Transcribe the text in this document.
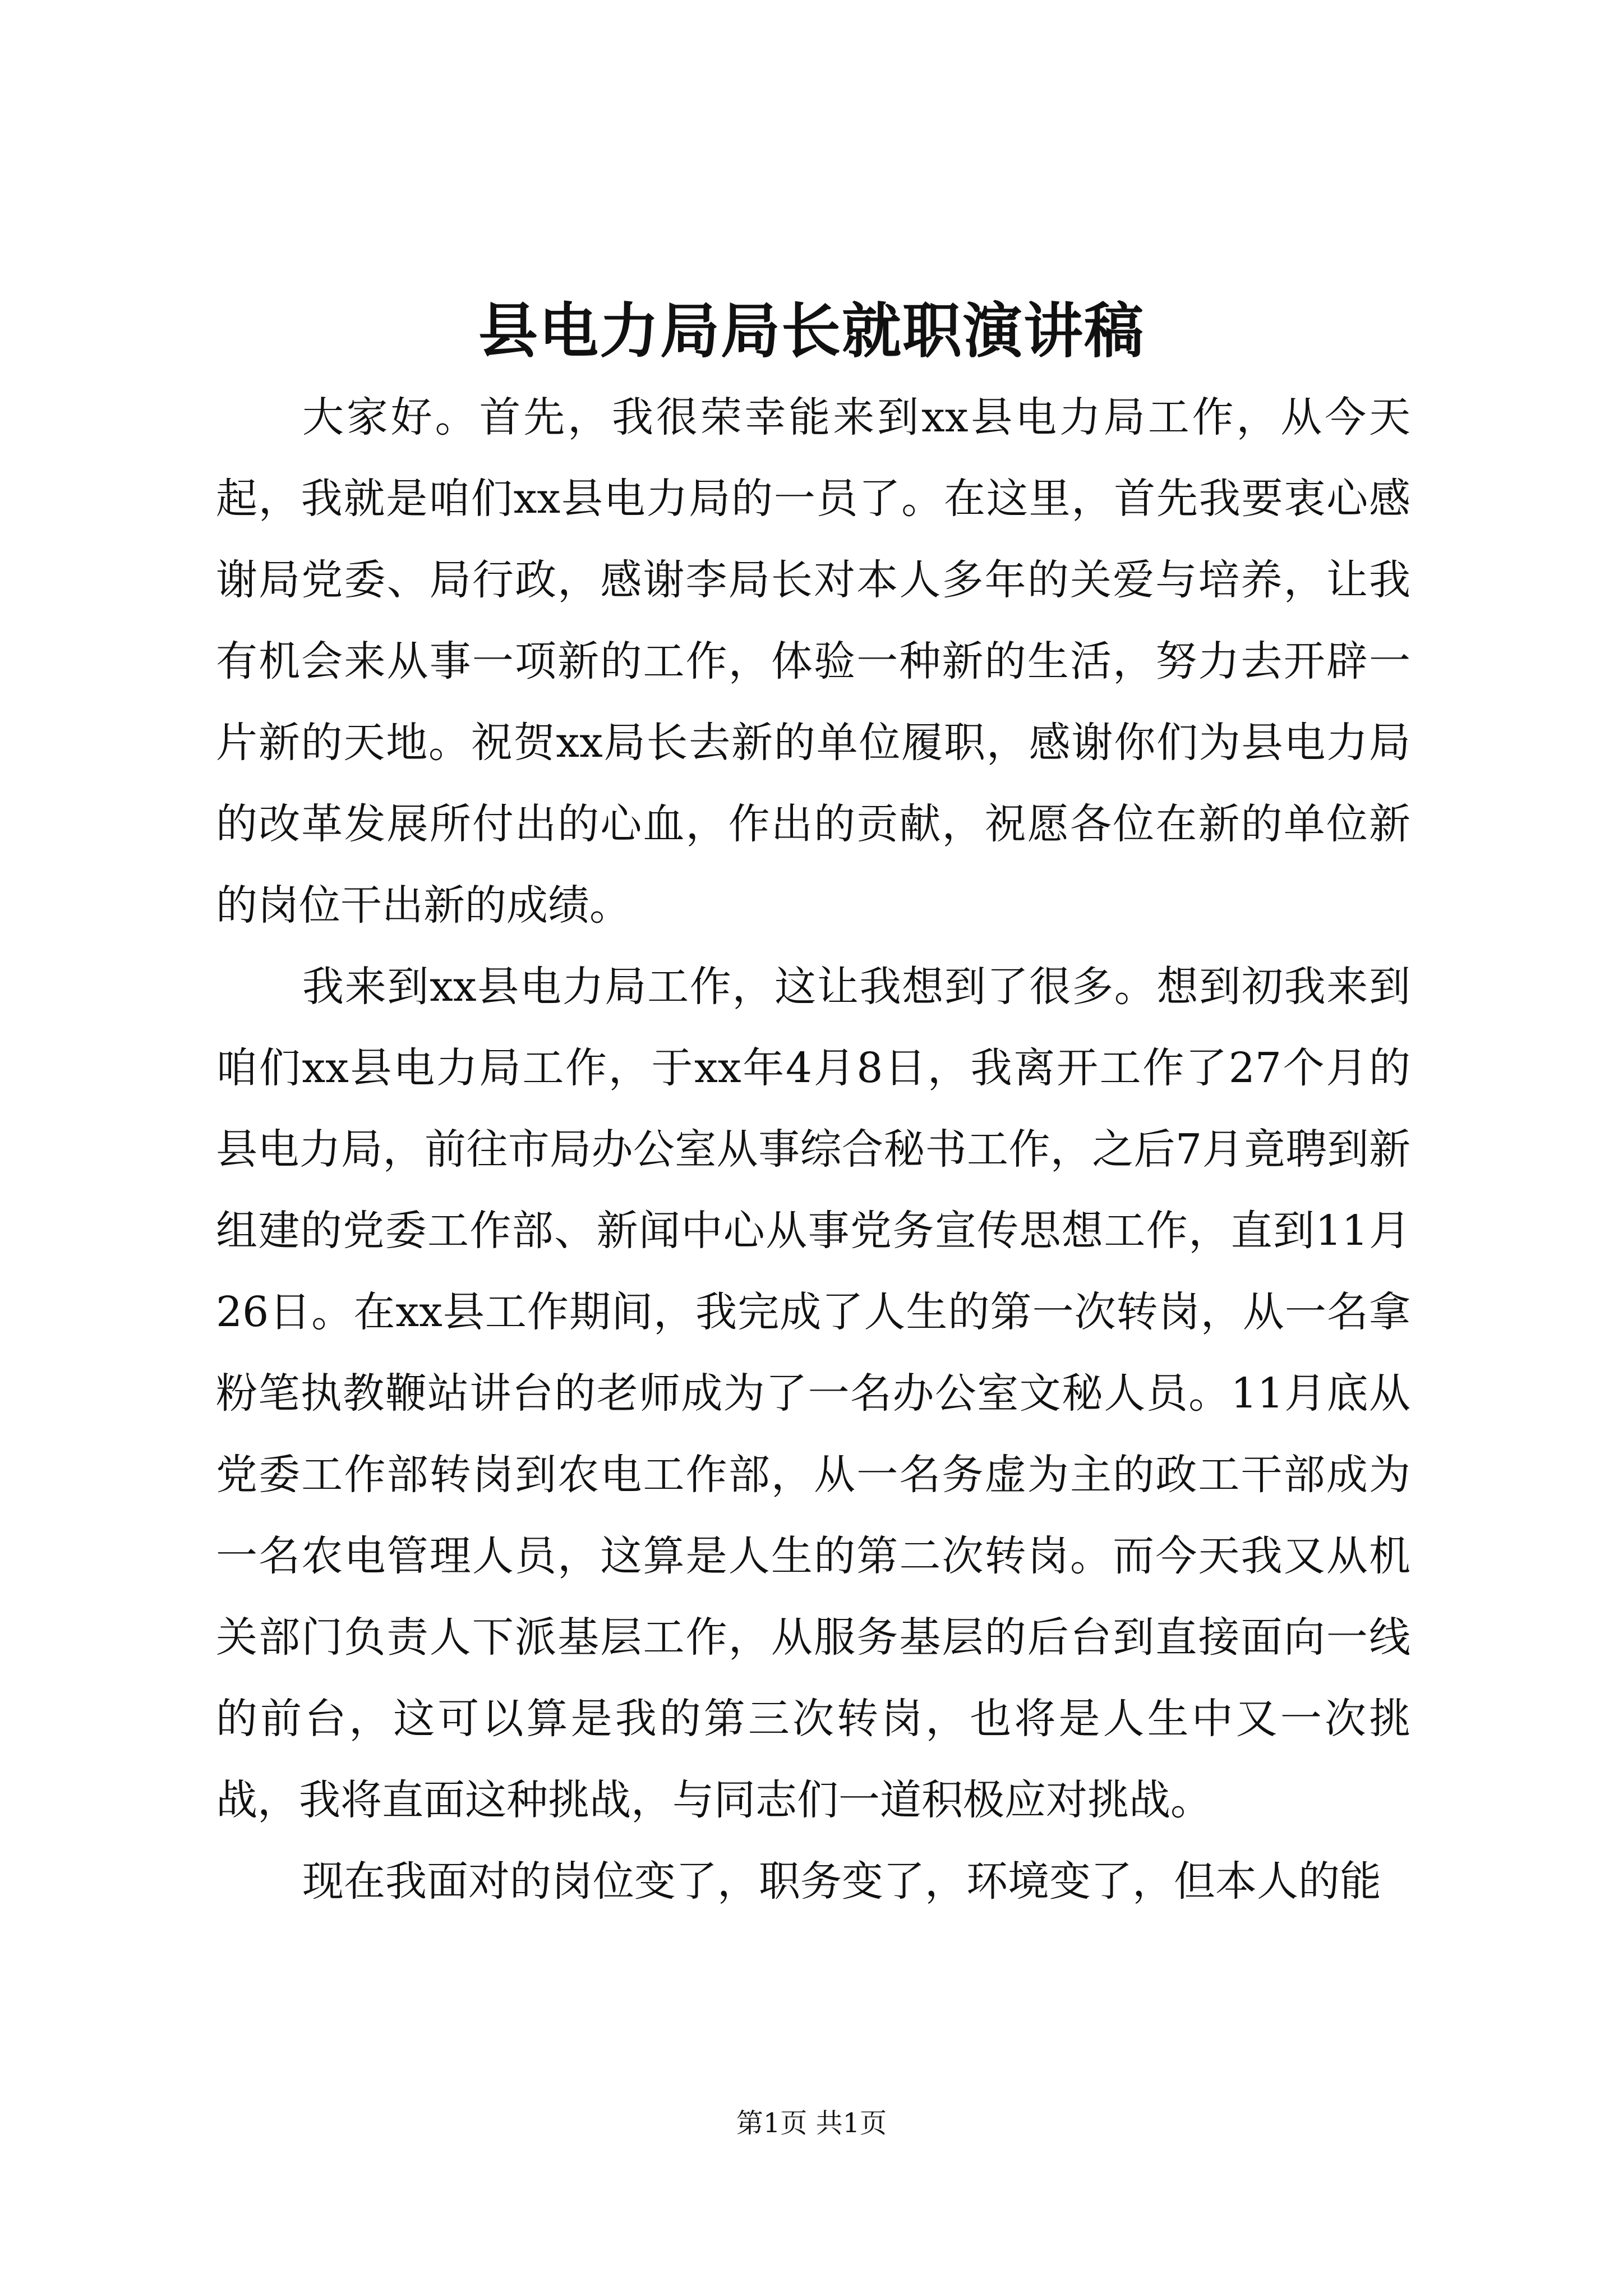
县电力局局长就职演讲稿

大家好。首先，我很荣幸能来到xx县电力局工作，从今天起，我就是咱们xx县电力局的一员了。在这里，首先我要衷心感谢局党委、局行政，感谢李局长对本人多年的关爱与培养，让我有机会来从事一项新的工作，体验一种新的生活，努力去开辟一片新的天地。祝贺xx局长去新的单位履职，感谢你们为县电力局的改革发展所付出的心血，作出的贡献，祝愿各位在新的单位新的岗位干出新的成绩。

我来到xx县电力局工作，这让我想到了很多。想到初我来到咱们xx县电力局工作，于xx年4月8日，我离开工作了27个月的县电力局，前往市局办公室从事综合秘书工作，之后7月竟聘到新组建的党委工作部、新闻中心从事党务宣传思想工作，直到11月26日。在xx县工作期间，我完成了人生的第一次转岗，从一名拿粉笔执教鞭站讲台的老师成为了一名办公室文秘人员。11月底从党委工作部转岗到农电工作部，从一名务虚为主的政工干部成为一名农电管理人员，这算是人生的第二次转岗。而今天我又从机关部门负责人下派基层工作，从服务基层的后台到直接面向一线的前台，这可以算是我的第三次转岗，也将是人生中又一次挑战，我将直面这种挑战，与同志们一道积极应对挑战。

现在我面对的岗位变了，职务变了，环境变了，但本人的能

第1页 共1页
